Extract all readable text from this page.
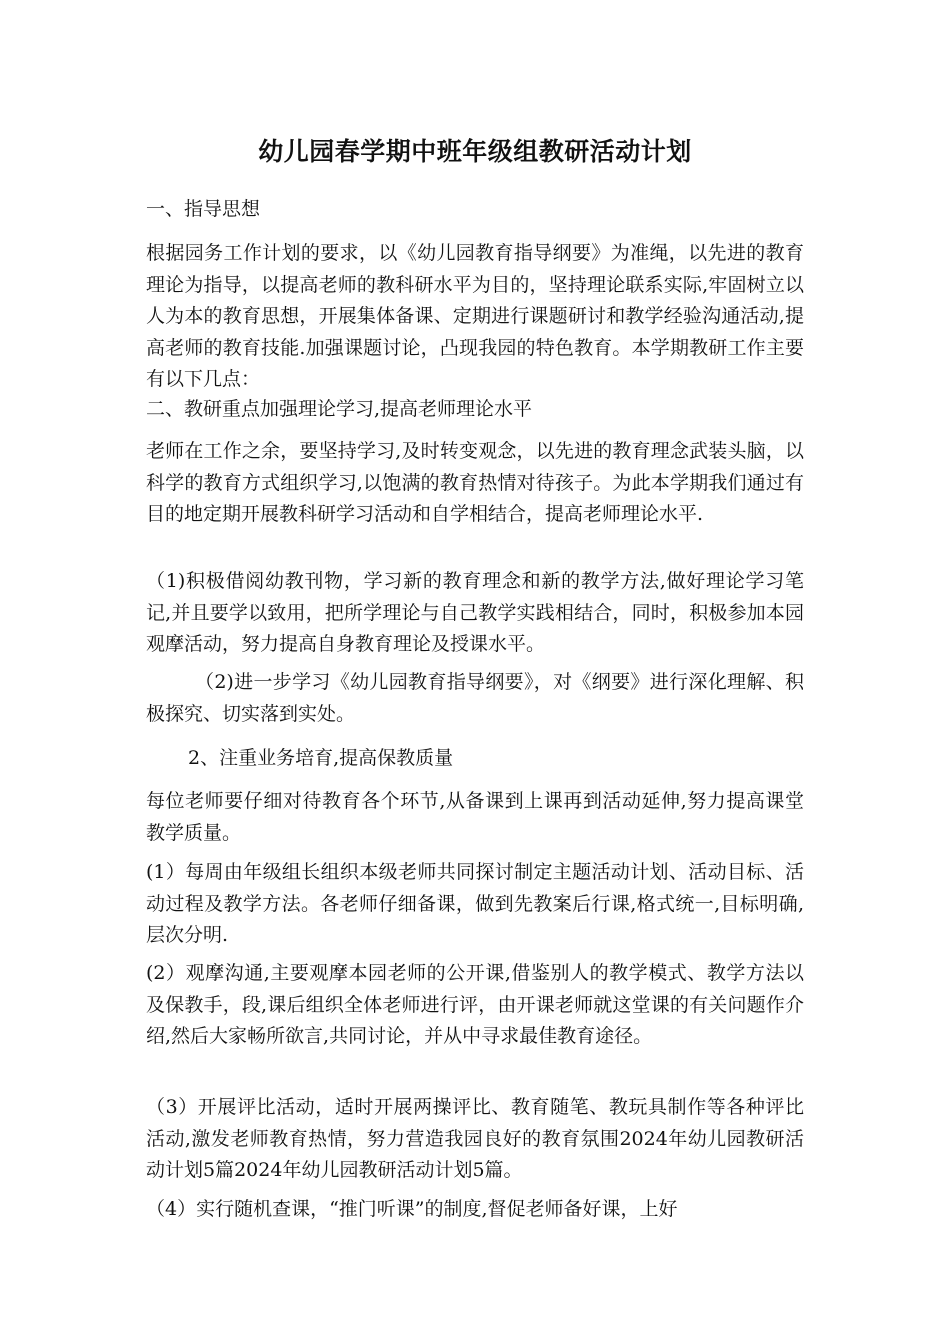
幼儿园春学期中班年级组教研活动计划
一、指导思想
根据园务工作计划的要求，以《幼儿园教育指导纲要》为准绳，以先进的教育理论为指导，以提高老师的教科研水平为目的，坚持理论联系实际,牢固树立以人为本的教育思想，开展集体备课、定期进行课题研讨和教学经验沟通活动,提高老师的教育技能.加强课题讨论，凸现我园的特色教育。本学期教研工作主要有以下几点：
二、教研重点加强理论学习,提高老师理论水平
老师在工作之余，要坚持学习,及时转变观念，以先进的教育理念武装头脑，以科学的教育方式组织学习,以饱满的教育热情对待孩子。为此本学期我们通过有目的地定期开展教科研学习活动和自学相结合，提高老师理论水平.
（1)积极借阅幼教刊物，学习新的教育理念和新的教学方法,做好理论学习笔记,并且要学以致用，把所学理论与自己教学实践相结合，同时，积极参加本园观摩活动，努力提高自身教育理论及授课水平。
（2)进一步学习《幼儿园教育指导纲要》，对《纲要》进行深化理解、积极探究、切实落到实处。
2、注重业务培育,提高保教质量
每位老师要仔细对待教育各个环节,从备课到上课再到活动延伸,努力提高课堂教学质量。
(1）每周由年级组长组织本级老师共同探讨制定主题活动计划、活动目标、活动过程及教学方法。各老师仔细备课，做到先教案后行课,格式统一,目标明确,层次分明.
(2）观摩沟通,主要观摩本园老师的公开课,借鉴别人的教学模式、教学方法以及保教手，段,课后组织全体老师进行评，由开课老师就这堂课的有关问题作介绍,然后大家畅所欲言,共同讨论，并从中寻求最佳教育途径。
（3）开展评比活动，适时开展两操评比、教育随笔、教玩具制作等各种评比活动,激发老师教育热情，努力营造我园良好的教育氛围2024年幼儿园教研活动计划5篇2024年幼儿园教研活动计划5篇。
（4）实行随机查课，“推门听课”的制度,督促老师备好课，上好
